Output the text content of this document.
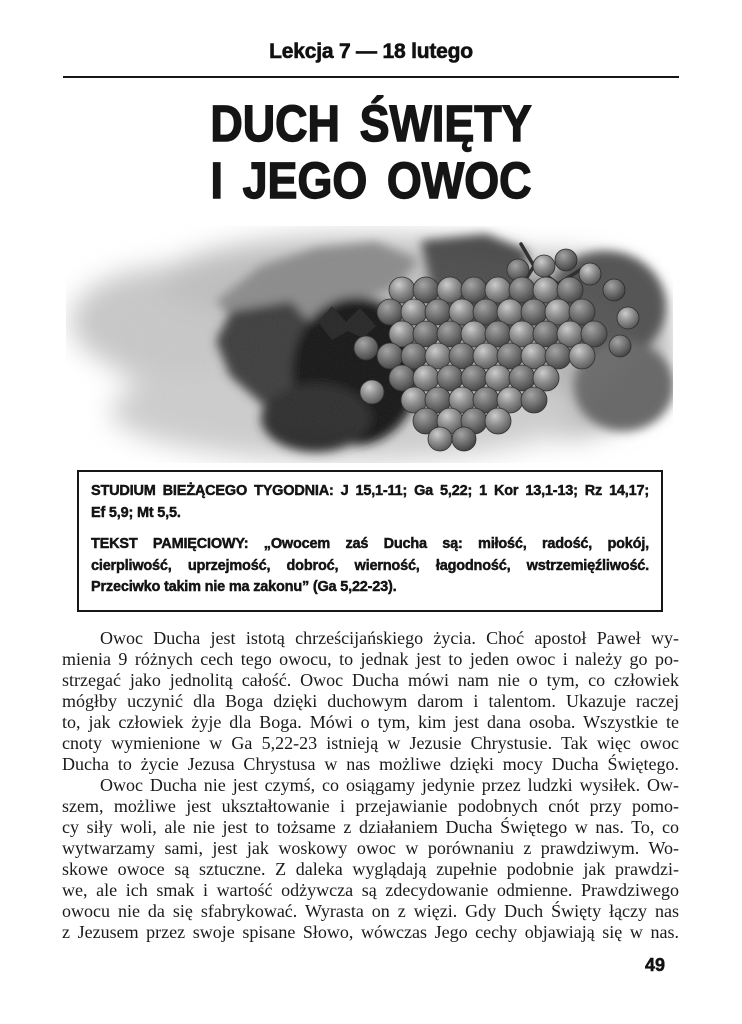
Lekcja 7 — 18 lutego
DUCH ŚWIĘTY
I JEGO OWOC

STUDIUM BIEŻĄCEGO TYGODNIA: J 15,1-11; Ga 5,22; 1 Kor 13,1-13; Rz 14,17;
Ef 5,9; Mt 5,5.

TEKST PAMIĘCIOWY: „Owocem zaś Ducha są: miłość, radość, pokój,
cierpliwość, uprzejmość, dobroć, wierność, łagodność, wstrzemięźliwość.
Przeciwko takim nie ma zakonu” (Ga 5,22-23).

Owoc Ducha jest istotą chrześcijańskiego życia. Choć apostoł Paweł wy-
mienia 9 różnych cech tego owocu, to jednak jest to jeden owoc i należy go po-
strzegać jako jednolitą całość. Owoc Ducha mówi nam nie o tym, co człowiek
mógłby uczynić dla Boga dzięki duchowym darom i talentom. Ukazuje raczej
to, jak człowiek żyje dla Boga. Mówi o tym, kim jest dana osoba. Wszystkie te
cnoty wymienione w Ga 5,22-23 istnieją w Jezusie Chrystusie. Tak więc owoc
Ducha to życie Jezusa Chrystusa w nas możliwe dzięki mocy Ducha Świętego.
Owoc Ducha nie jest czymś, co osiągamy jedynie przez ludzki wysiłek. Ow-
szem, możliwe jest ukształtowanie i przejawianie podobnych cnót przy pomo-
cy siły woli, ale nie jest to tożsame z działaniem Ducha Świętego w nas. To, co
wytwarzamy sami, jest jak woskowy owoc w porównaniu z prawdziwym. Wo-
skowe owoce są sztuczne. Z daleka wyglądają zupełnie podobnie jak prawdzi-
we, ale ich smak i wartość odżywcza są zdecydowanie odmienne. Prawdziwego
owocu nie da się sfabrykować. Wyrasta on z więzi. Gdy Duch Święty łączy nas
z Jezusem przez swoje spisane Słowo, wówczas Jego cechy objawiają się w nas.
49
